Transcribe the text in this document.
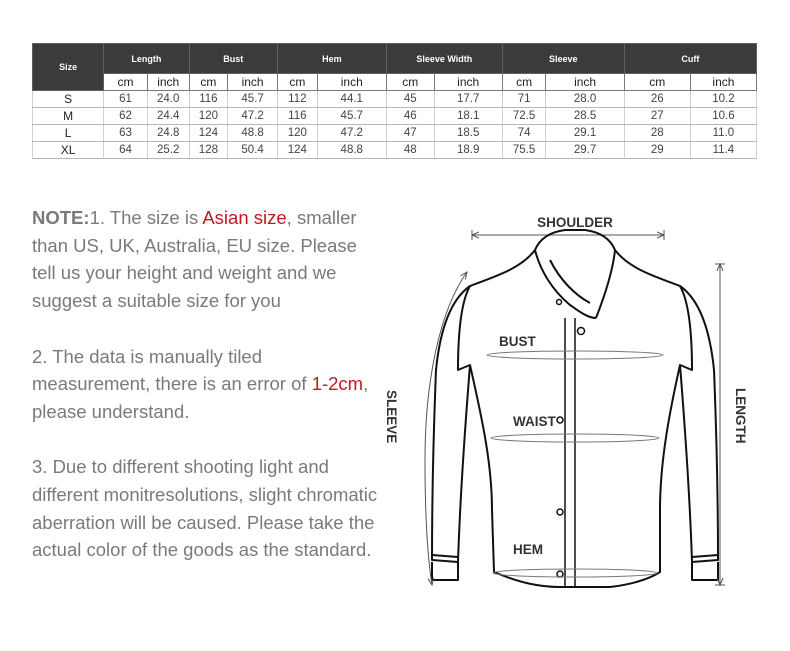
Size	Length		Bust		Hem		Sleeve Width		Sleeve		Cuff	
	cm	inch	cm	inch	cm	inch	cm	inch	cm	inch	cm	inch
S	61	24.0	116	45.7	112	44.1	45	17.7	71	28.0	26	10.2
M	62	24.4	120	47.2	116	45.7	46	18.1	72.5	28.5	27	10.6
L	63	24.8	124	48.8	120	47.2	47	18.5	74	29.1	28	11.0
XL	64	25.2	128	50.4	124	48.8	48	18.9	75.5	29.7	29	11.4

NOTE:1. The size is Asian size, smaller than US, UK, Australia, EU size. Please tell us your height and weight and we suggest a suitable size for you

2. The data is manually tiled measurement, there is an error of 1-2cm, please understand.

3. Due to different shooting light and different monitresolutions, slight chromatic aberration will be caused. Please take the actual color of the goods as the standard.

SHOULDER
BUST
WAIST
HEM
SLEEVE	LENGTH
